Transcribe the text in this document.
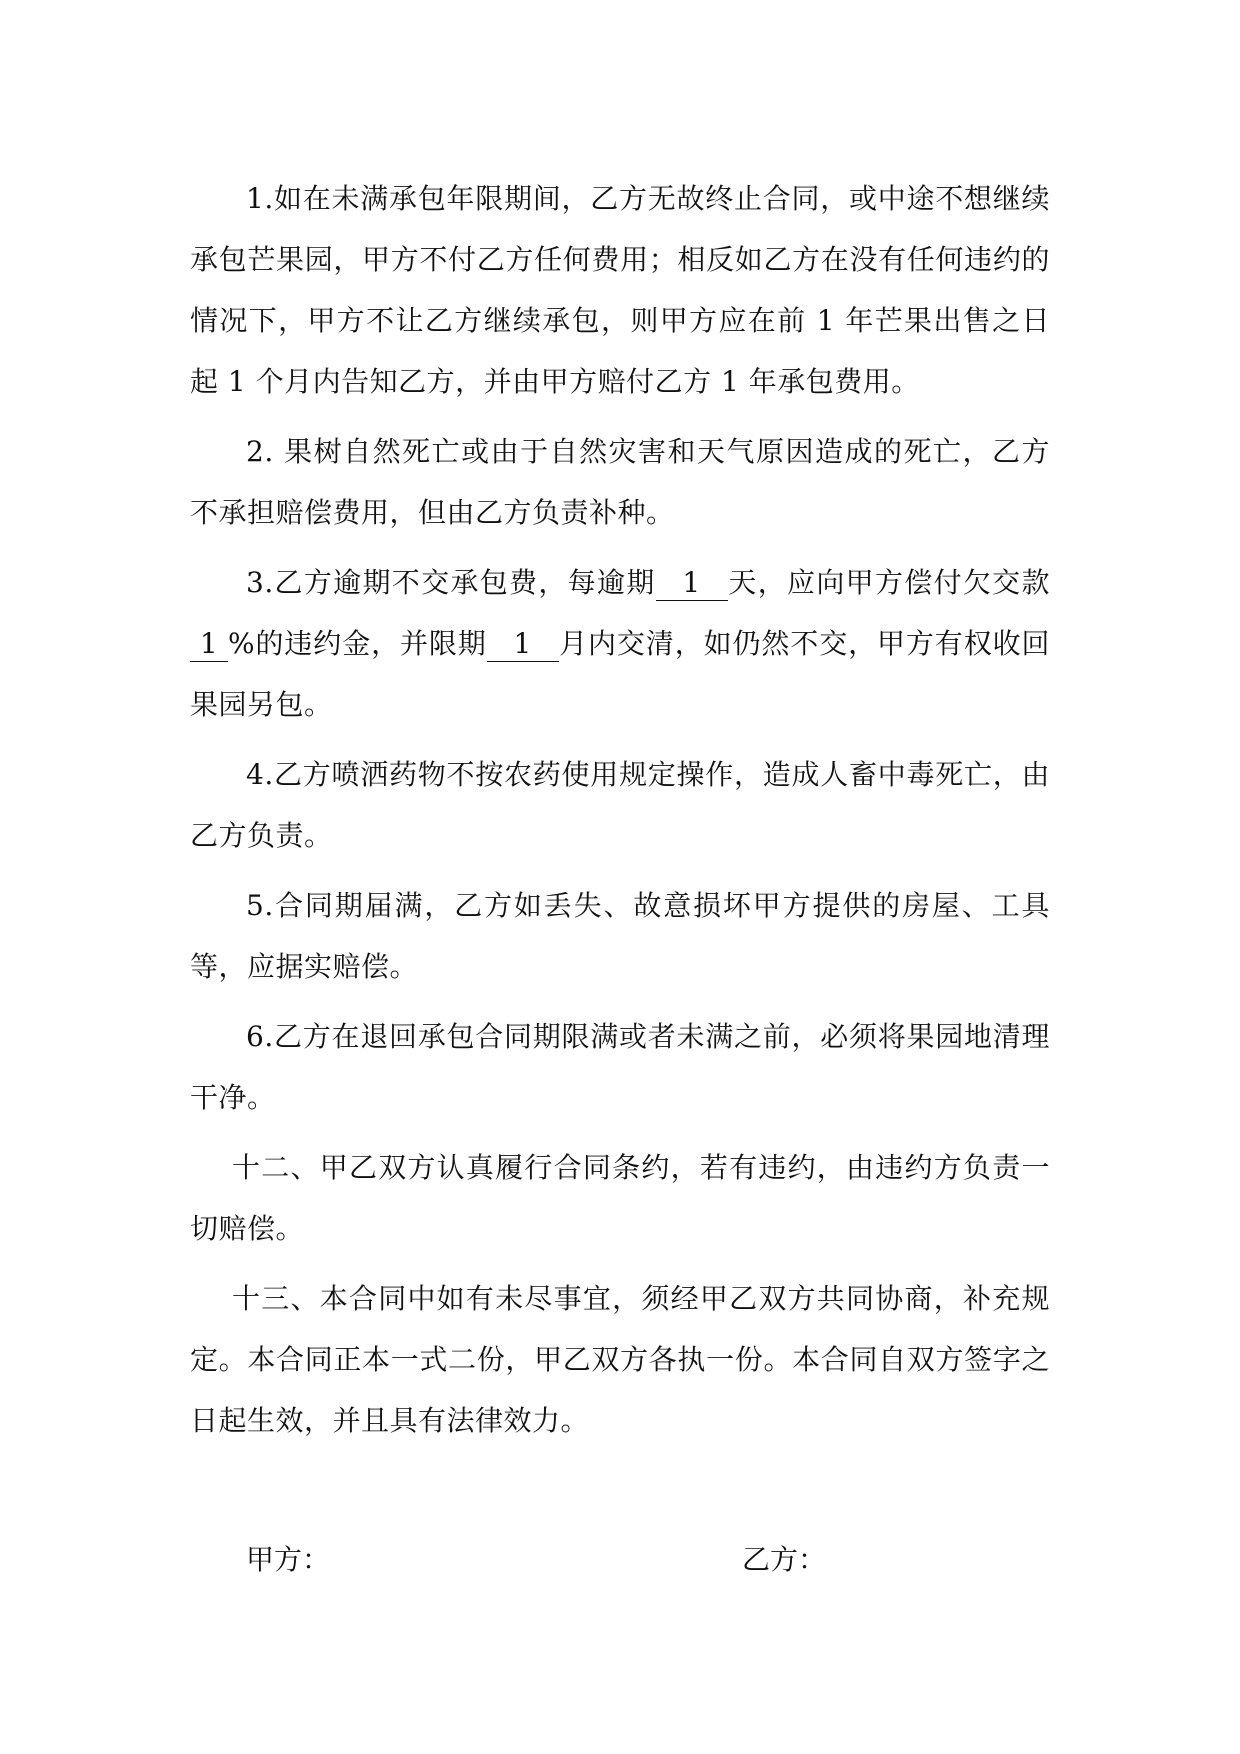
1.如在未满承包年限期间，乙方无故终止合同，或中途不想继续承包芒果园，甲方不付乙方任何费用；相反如乙方在没有任何违约的情况下，甲方不让乙方继续承包，则甲方应在前 1 年芒果出售之日起 1 个月内告知乙方，并由甲方赔付乙方 1 年承包费用。

2. 果树自然死亡或由于自然灾害和天气原因造成的死亡，乙方不承担赔偿费用，但由乙方负责补种。

3.乙方逾期不交承包费，每逾期 1 天，应向甲方偿付欠交款1 %的违约金，并限期 1 月内交清，如仍然不交，甲方有权收回果园另包。

4.乙方喷洒药物不按农药使用规定操作，造成人畜中毒死亡，由乙方负责。

5.合同期届满，乙方如丢失、故意损坏甲方提供的房屋、工具等，应据实赔偿。

6.乙方在退回承包合同期限满或者未满之前，必须将果园地清理干净。

十二、甲乙双方认真履行合同条约，若有违约，由违约方负责一切赔偿。

十三、本合同中如有未尽事宜，须经甲乙双方共同协商，补充规定。本合同正本一式二份，甲乙双方各执一份。本合同自双方签字之日起生效，并且具有法律效力。

甲方：	乙方：
